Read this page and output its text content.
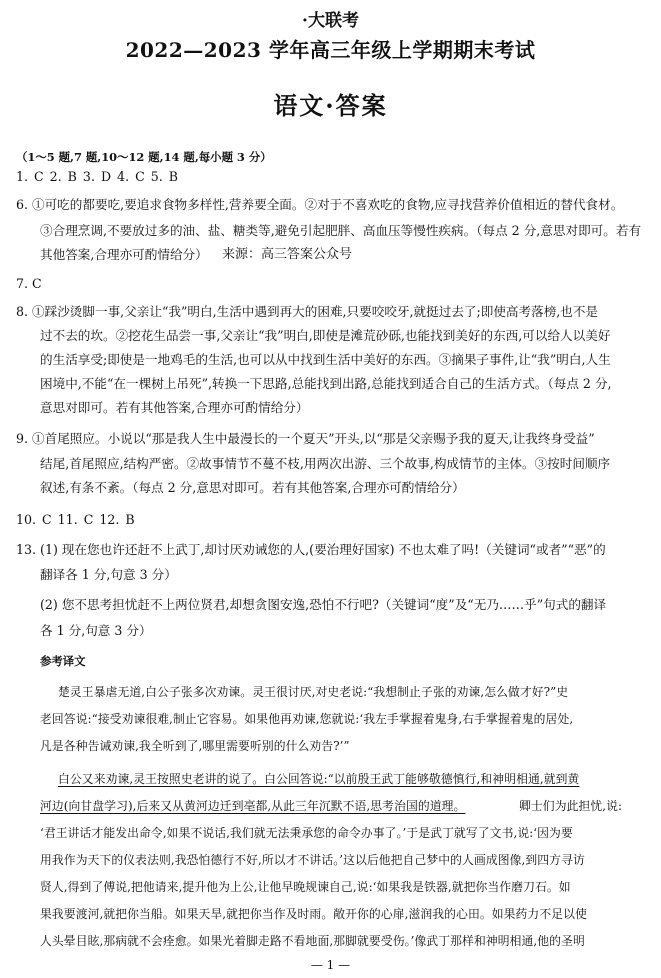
·大联考
2022—2023 学年高三年级上学期期末考试
语文·答案
（1～5 题,7 题,10～12 题,14 题,每小题 3 分）
1. C 2. B 3. D 4. C 5. B
6. ①可吃的都要吃,要追求食物多样性,营养要全面。②对于不喜欢吃的食物,应寻找营养价值相近的替代食材。
③合理烹调,不要放过多的油、盐、糖类等,避免引起肥胖、高血压等慢性疾病。（每点 2 分,意思对即可。若有
其他答案,合理亦可酌情给分） 来源：高三答案公众号
7. C
8. ①踩沙烫脚一事,父亲让“我”明白,生活中遇到再大的困难,只要咬咬牙,就挺过去了;即使高考落榜,也不是
过不去的坎。②挖花生品尝一事,父亲让“我”明白,即使是滩荒砂砾,也能找到美好的东西,可以给人以美好
的生活享受;即使是一地鸡毛的生活,也可以从中找到生活中美好的东西。③摘果子事件,让“我”明白,人生
困境中,不能“在一棵树上吊死”,转换一下思路,总能找到出路,总能找到适合自己的生活方式。（每点 2 分,
意思对即可。若有其他答案,合理亦可酌情给分）
9. ①首尾照应。小说以“那是我人生中最漫长的一个夏天”开头,以“那是父亲赐予我的夏天,让我终身受益”
结尾,首尾照应,结构严密。②故事情节不蔓不枝,用两次出游、三个故事,构成情节的主体。③按时间顺序
叙述,有条不紊。（每点 2 分,意思对即可。若有其他答案,合理亦可酌情给分）
10. C 11. C 12. B
13. (1) 现在您也许还赶不上武丁,却讨厌劝诫您的人,(要治理好国家) 不也太难了吗!（关键词“或者”“恶”的
翻译各 1 分,句意 3 分）
(2) 您不思考担忧赶不上两位贤君,却想贪图安逸,恐怕不行吧?（关键词“度”及“无乃……乎”句式的翻译
各 1 分,句意 3 分）
参考译文
楚灵王暴虐无道,白公子张多次劝谏。灵王很讨厌,对史老说:“我想制止子张的劝谏,怎么做才好?”史
老回答说:“接受劝谏很难,制止它容易。如果他再劝谏,您就说:‘我左手掌握着鬼身,右手掌握着鬼的居处,
凡是各种告诫劝谏,我全听到了,哪里需要听别的什么劝告?’”
白公又来劝谏,灵王按照史老讲的说了。白公回答说:“以前殷王武丁能够敬德慎行,和神明相通,就到黄
河边(向甘盘学习),后来又从黄河边迁到亳都,从此三年沉默不语,思考治国的道理。	卿士们为此担忧,说:
‘君王讲话才能发出命令,如果不说话,我们就无法秉承您的命令办事了。’于是武丁就写了文书,说:‘因为要
用我作为天下的仪表法则,我恐怕德行不好,所以才不讲话。’这以后他把自己梦中的人画成图像,到四方寻访
贤人,得到了傅说,把他请来,提升他为上公,让他早晚规谏自己,说:‘如果我是铁器,就把你当作磨刀石。如
果我要渡河,就把你当船。如果天旱,就把你当作及时雨。敞开你的心扉,滋润我的心田。如果药力不足以使
人头晕目眩,那病就不会痊愈。如果光着脚走路不看地面,那脚就要受伤。’像武丁那样和神明相通,他的圣明
— 1 —
